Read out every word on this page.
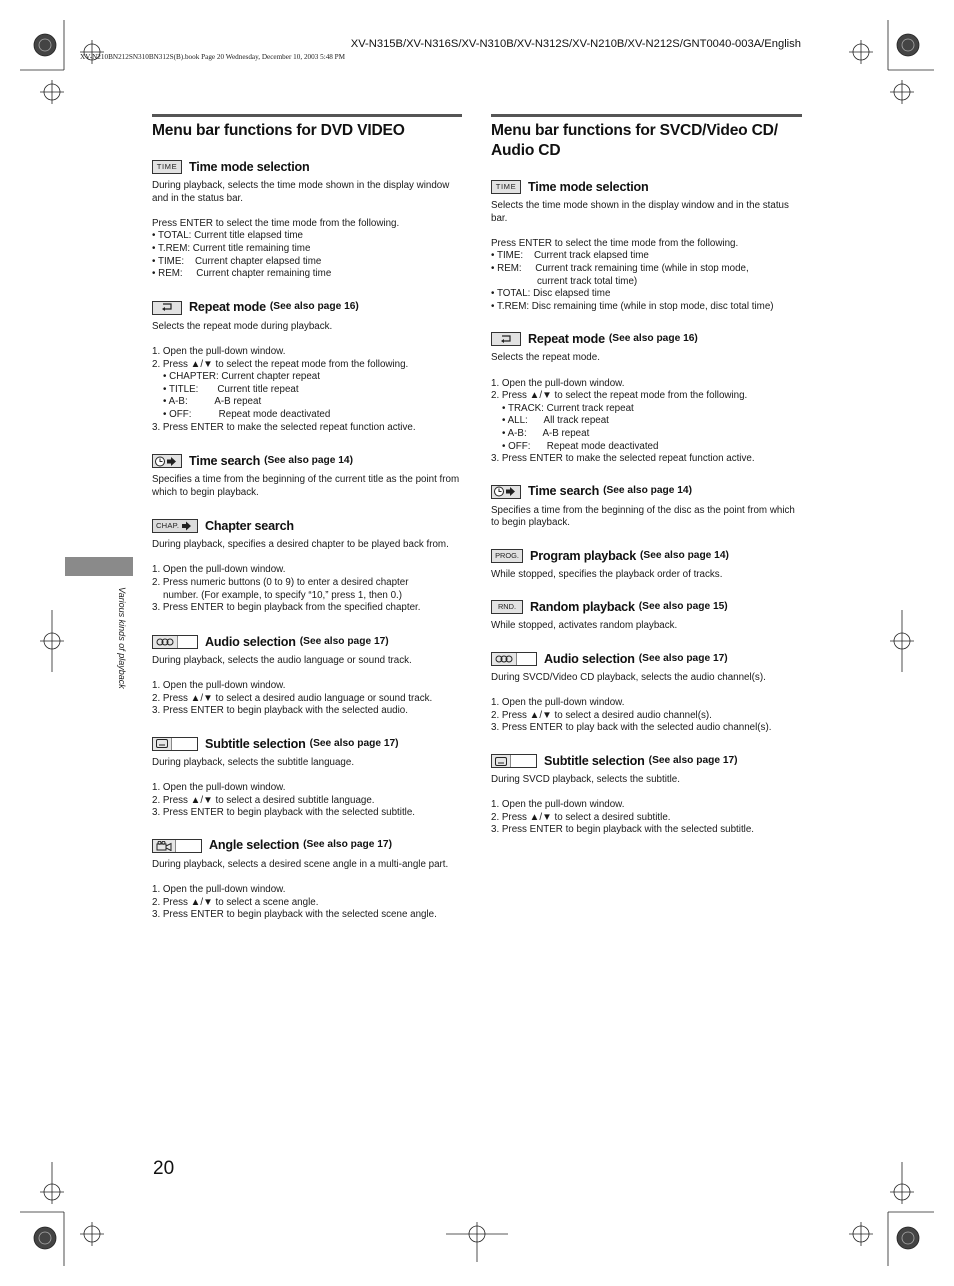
XV-N315B/XV-N316S/XV-N310B/XV-N312S/XV-N210B/XV-N212S/GNT0040-003A/English
XV-N210BN212SN310BN312S(B).book Page 20 Wednesday, December 10, 2003 5:48 PM
Various kinds of playback
Menu bar functions for DVD VIDEO
TIME Time mode selection

During playback, selects the time mode shown in the display window and in the status bar.

Press ENTER to select the time mode from the following.

• TOTAL: Current title elapsed time

• T.REM: Current title remaining time

• TIME:    Current chapter elapsed time

• REM:     Current chapter remaining time

Repeat mode (See also page 16)

Selects the repeat mode during playback.

1. Open the pull-down window.

2. Press ▲/▼ to select the repeat mode from the following.

• CHAPTER: Current chapter repeat

• TITLE:       Current title repeat

• A-B:          A-B repeat

• OFF:          Repeat mode deactivated

3. Press ENTER to make the selected repeat function active.

Time search (See also page 14)

Specifies a time from the beginning of the current title as the point from which to begin playback.

CHAP. Chapter search

During playback, specifies a desired chapter to be played back from.

1. Open the pull-down window.

2. Press numeric buttons (0 to 9) to enter a desired chapter

number. (For example, to specify “10,” press 1, then 0.)

3. Press ENTER to begin playback from the specified chapter.

Audio selection (See also page 17)

During playback, selects the audio language or sound track.

1. Open the pull-down window.

2. Press ▲/▼ to select a desired audio language or sound track.

3. Press ENTER to begin playback with the selected audio.

Subtitle selection (See also page 17)

During playback, selects the subtitle language.

1. Open the pull-down window.

2. Press ▲/▼ to select a desired subtitle language.

3. Press ENTER to begin playback with the selected subtitle.

Angle selection (See also page 17)

During playback, selects a desired scene angle in a multi-angle part.

1. Open the pull-down window.

2. Press ▲/▼ to select a scene angle.

3. Press ENTER to begin playback with the selected scene angle.

Menu bar functions for SVCD/Video CD/ Audio CD
TIME Time mode selection

Selects the time mode shown in the display window and in the status bar.

Press ENTER to select the time mode from the following.

• TIME:    Current track elapsed time

• REM:     Current track remaining time (while in stop mode,

current track total time)

• TOTAL: Disc elapsed time

• T.REM: Disc remaining time (while in stop mode, disc total time)

Repeat mode (See also page 16)

Selects the repeat mode.

1. Open the pull-down window.

2. Press ▲/▼ to select the repeat mode from the following.

• TRACK: Current track repeat

• ALL:      All track repeat

• A-B:      A-B repeat

• OFF:      Repeat mode deactivated

3. Press ENTER to make the selected repeat function active.

Time search (See also page 14)

Specifies a time from the beginning of the disc as the point from which to begin playback.

PROG. Program playback (See also page 14)

While stopped, specifies the playback order of tracks.

RND.	Random playback (See also page 15)

While stopped, activates random playback.

Audio selection (See also page 17)

During SVCD/Video CD playback, selects the audio channel(s).

1. Open the pull-down window.

2. Press ▲/▼ to select a desired audio channel(s).

3. Press ENTER to play back with the selected audio channel(s).

Subtitle selection (See also page 17)

During SVCD playback, selects the subtitle.

1. Open the pull-down window.

2. Press ▲/▼ to select a desired subtitle.

3. Press ENTER to begin playback with the selected subtitle.

20
